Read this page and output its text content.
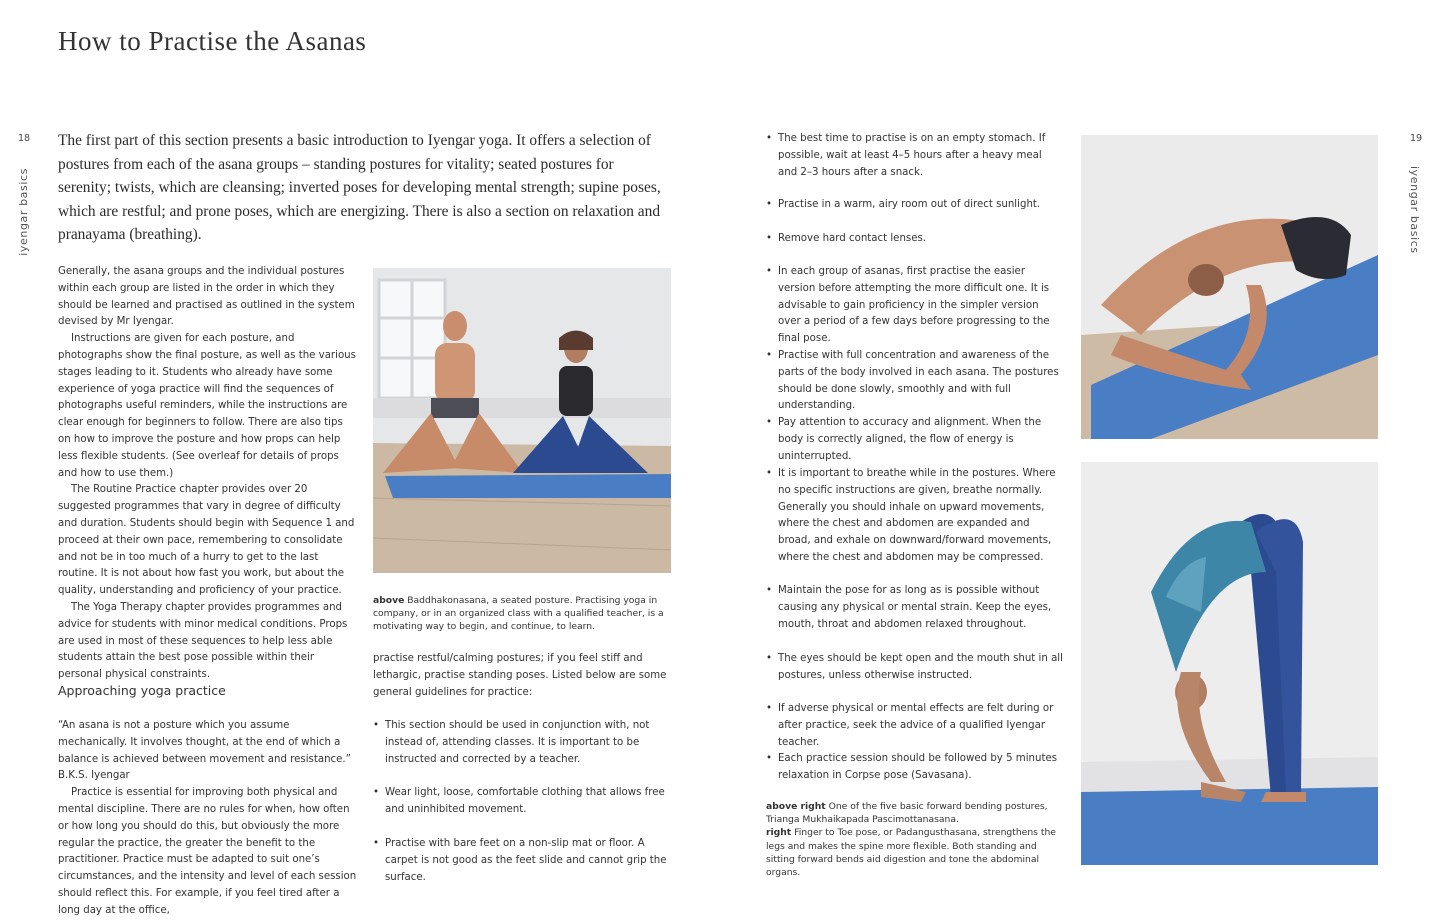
How to Practise the Asanas
18	19
iyengar basics	iyengar basics
The first part of this section presents a basic introduction to Iyengar yoga. It offers a selection of postures from each of the asana groups – standing postures for vitality; seated postures for serenity; twists, which are cleansing; inverted poses for developing mental strength; supine poses, which are restful; and prone poses, which are energizing. There is also a section on relaxation and pranayama (breathing).

Generally, the asana groups and the individual postures within each group are listed in the order in which they should be learned and practised as outlined in the system devised by Mr Iyengar.

Instructions are given for each posture, and photographs show the final posture, as well as the various stages leading to it. Students who already have some experience of yoga practice will find the sequences of photographs useful reminders, while the instructions are clear enough for beginners to follow. There are also tips on how to improve the posture and how props can help less flexible students. (See overleaf for details of props and how to use them.)

The Routine Practice chapter provides over 20 suggested programmes that vary in degree of difficulty and duration. Students should begin with Sequence 1 and proceed at their own pace, remembering to consolidate and not be in too much of a hurry to get to the last routine. It is not about how fast you work, but about the quality, understanding and proficiency of your practice.

The Yoga Therapy chapter provides programmes and advice for students with minor medical conditions. Props are used in most of these sequences to help less able students attain the best pose possible within their personal physical constraints.

Approaching yoga practice

“An asana is not a posture which you assume mechanically. It involves thought, at the end of which a balance is achieved between movement and resistance.” B.K.S. Iyengar

Practice is essential for improving both physical and mental discipline. There are no rules for when, how often or how long you should do this, but obviously the more regular the practice, the greater the benefit to the practitioner. Practice must be adapted to suit one’s circumstances, and the intensity and level of each session should reflect this. For example, if you feel tired after a long day at the office,

above Baddhakonasana, a seated posture. Practising yoga in company, or in an organized class with a qualified teacher, is a motivating way to begin, and continue, to learn.
practise restful/calming postures; if you feel stiff and lethargic, practise standing poses. Listed below are some general guidelines for practice:
• This section should be used in conjunction with, not instead of, attending classes. It is important to be instructed and corrected by a teacher.
• Wear light, loose, comfortable clothing that allows free and uninhibited movement.
• Practise with bare feet on a non-slip mat or floor. A carpet is not good as the feet slide and cannot grip the surface.
• The best time to practise is on an empty stomach. If possible, wait at least 4–5 hours after a heavy meal and 2–3 hours after a snack.
• Practise in a warm, airy room out of direct sunlight.
• Remove hard contact lenses.
• In each group of asanas, first practise the easier version before attempting the more difficult one. It is advisable to gain proficiency in the simpler version over a period of a few days before progressing to the final pose.
• Practise with full concentration and awareness of the parts of the body involved in each asana. The postures should be done slowly, smoothly and with full understanding.
• Pay attention to accuracy and alignment. When the body is correctly aligned, the flow of energy is uninterrupted.
• It is important to breathe while in the postures. Where no specific instructions are given, breathe normally. Generally you should inhale on upward movements, where the chest and abdomen are expanded and broad, and exhale on downward/forward movements, where the chest and abdomen may be compressed.
• Maintain the pose for as long as is possible without causing any physical or mental strain. Keep the eyes, mouth, throat and abdomen relaxed throughout.
• The eyes should be kept open and the mouth shut in all postures, unless otherwise instructed.
• If adverse physical or mental effects are felt during or after practice, seek the advice of a qualified Iyengar teacher.
• Each practice session should be followed by 5 minutes relaxation in Corpse pose (Savasana).
above right One of the five basic forward bending postures, Trianga Mukhaikapada Pascimottanasana.
right Finger to Toe pose, or Padangusthasana, strengthens the legs and makes the spine more flexible. Both standing and sitting forward bends aid digestion and tone the abdominal organs.
